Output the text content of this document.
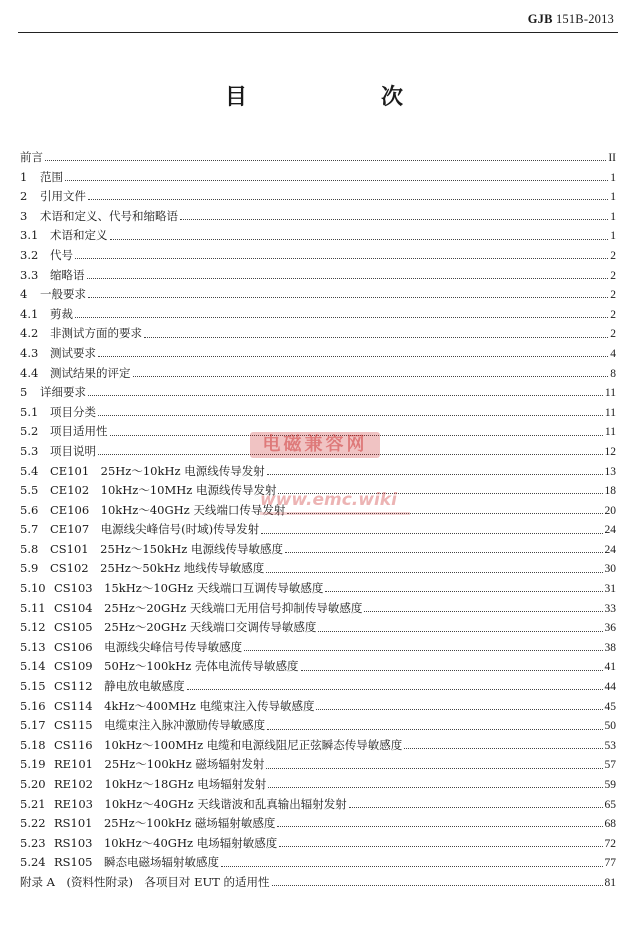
GJB 151B-2013
目　　次
前言	II
1	范围	1
2	引用文件	1
3	术语和定义、代号和缩略语	1
3.1	术语和定义	1
3.2	代号	2
3.3	缩略语	2
4	一般要求	2
4.1	剪裁	2
4.2	非测试方面的要求	2
4.3	测试要求	4
4.4	测试结果的评定	8
5	详细要求	11
5.1	项目分类	11
5.2	项目适用性	11
5.3	项目说明	12
5.4	CE101　25Hz～10kHz 电源线传导发射	13
5.5	CE102　10kHz～10MHz 电源线传导发射	18
5.6	CE106　10kHz～40GHz 天线端口传导发射	20
5.7	CE107　电源线尖峰信号(时域)传导发射	24
5.8	CS101　25Hz～150kHz 电源线传导敏感度	24
5.9	CS102　25Hz～50kHz 地线传导敏感度	30
5.10 CS103　15kHz～10GHz 天线端口互调传导敏感度	31
5.11 CS104　25Hz～20GHz 天线端口无用信号抑制传导敏感度	33
5.12 CS105　25Hz～20GHz 天线端口交调传导敏感度	36
5.13 CS106　电源线尖峰信号传导敏感度	38
5.14 CS109　50Hz～100kHz 壳体电流传导敏感度	41
5.15 CS112　静电放电敏感度	44
5.16 CS114　4kHz～400MHz 电缆束注入传导敏感度	45
5.17 CS115　电缆束注入脉冲激励传导敏感度	50
5.18 CS116　10kHz～100MHz 电缆和电源线阻尼正弦瞬态传导敏感度	53
5.19 RE101　25Hz～100kHz 磁场辐射发射	57
5.20 RE102　10kHz～18GHz 电场辐射发射	59
5.21 RE103　10kHz～40GHz 天线谐波和乱真输出辐射发射	65
5.22 RS101　25Hz～100kHz 磁场辐射敏感度	68
5.23 RS103　10kHz～40GHz 电场辐射敏感度	72
5.24 RS105　瞬态电磁场辐射敏感度	77
附录 A　(资料性附录)　各项目对 EUT 的适用性	81
电磁兼容网
www.emc.wiki
